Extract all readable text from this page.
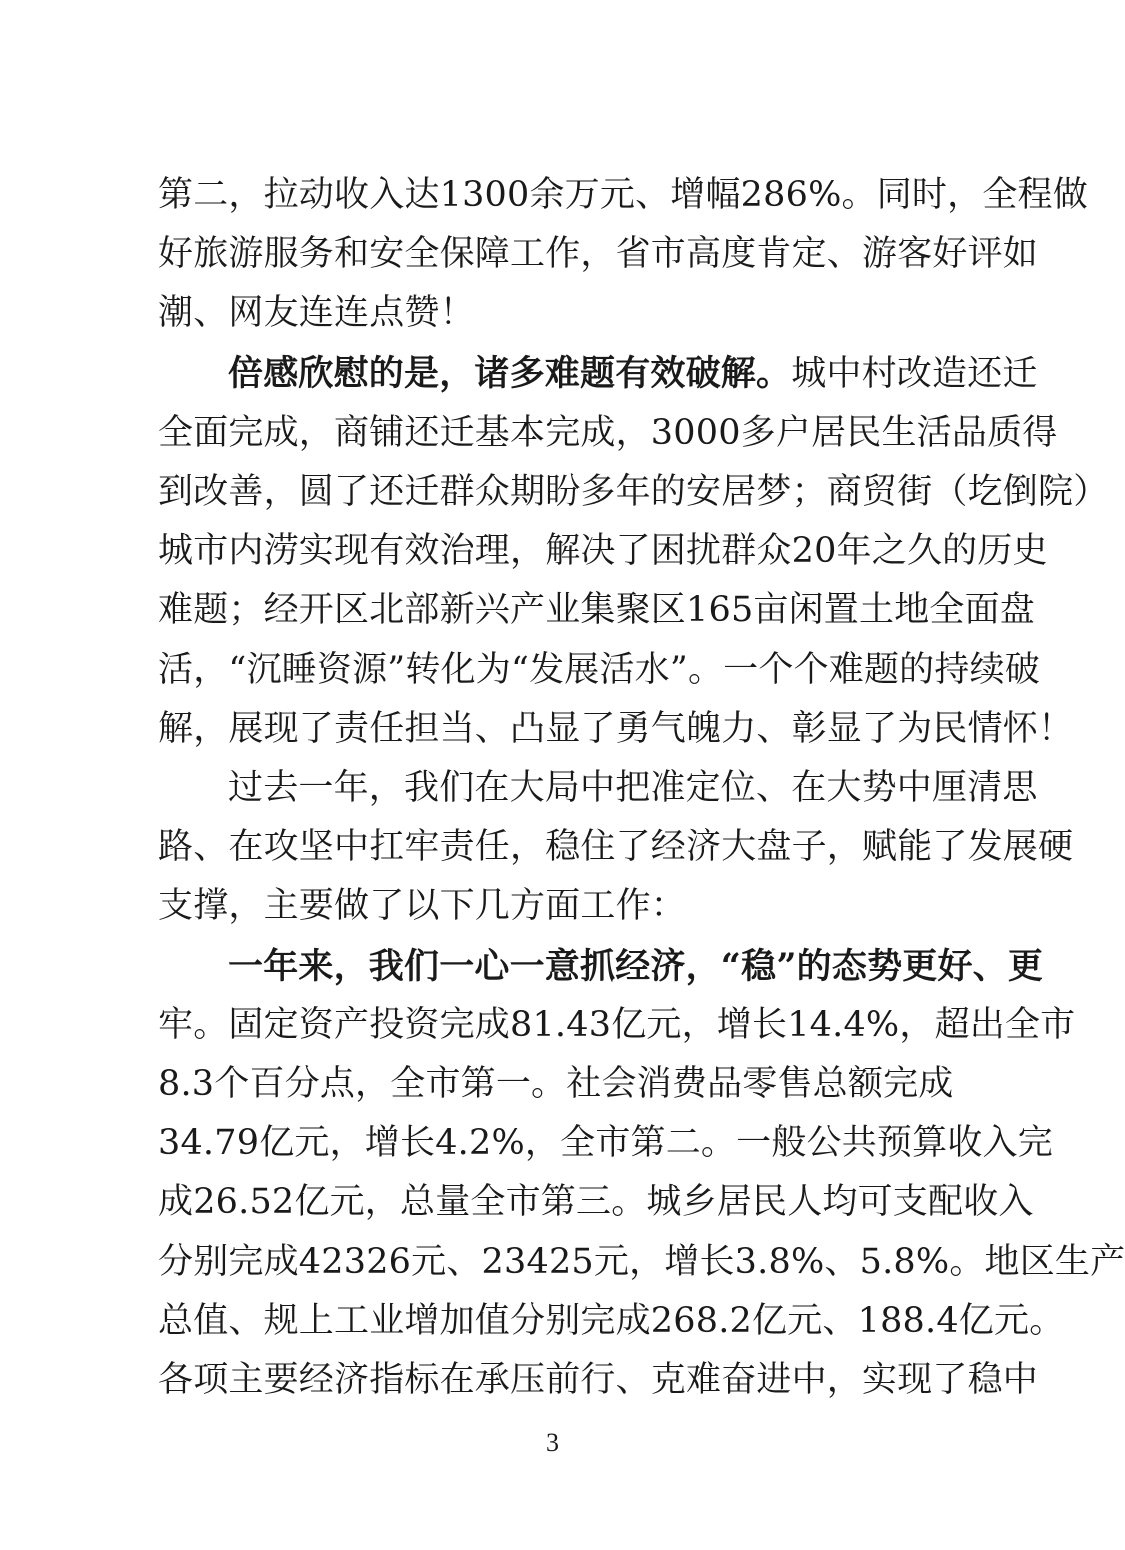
第二，拉动收入达1300余万元、增幅286%。同时，全程做
好旅游服务和安全保障工作，省市高度肯定、游客好评如
潮、网友连连点赞！
倍感欣慰的是，诸多难题有效破解。城中村改造还迁
全面完成，商铺还迁基本完成，3000多户居民生活品质得
到改善，圆了还迁群众期盼多年的安居梦；商贸街（圪倒院）
城市内涝实现有效治理，解决了困扰群众20年之久的历史
难题；经开区北部新兴产业集聚区165亩闲置土地全面盘
活，“沉睡资源”转化为“发展活水”。一个个难题的持续破
解，展现了责任担当、凸显了勇气魄力、彰显了为民情怀！
过去一年，我们在大局中把准定位、在大势中厘清思
路、在攻坚中扛牢责任，稳住了经济大盘子，赋能了发展硬
支撑，主要做了以下几方面工作：
一年来，我们一心一意抓经济，“稳”的态势更好、更
牢。固定资产投资完成81.43亿元，增长14.4%，超出全市
8.3个百分点，全市第一。社会消费品零售总额完成
34.79亿元，增长4.2%，全市第二。一般公共预算收入完
成26.52亿元，总量全市第三。城乡居民人均可支配收入
分别完成42326元、23425元，增长3.8%、5.8%。地区生产
总值、规上工业增加值分别完成268.2亿元、188.4亿元。
各项主要经济指标在承压前行、克难奋进中，实现了稳中
3
